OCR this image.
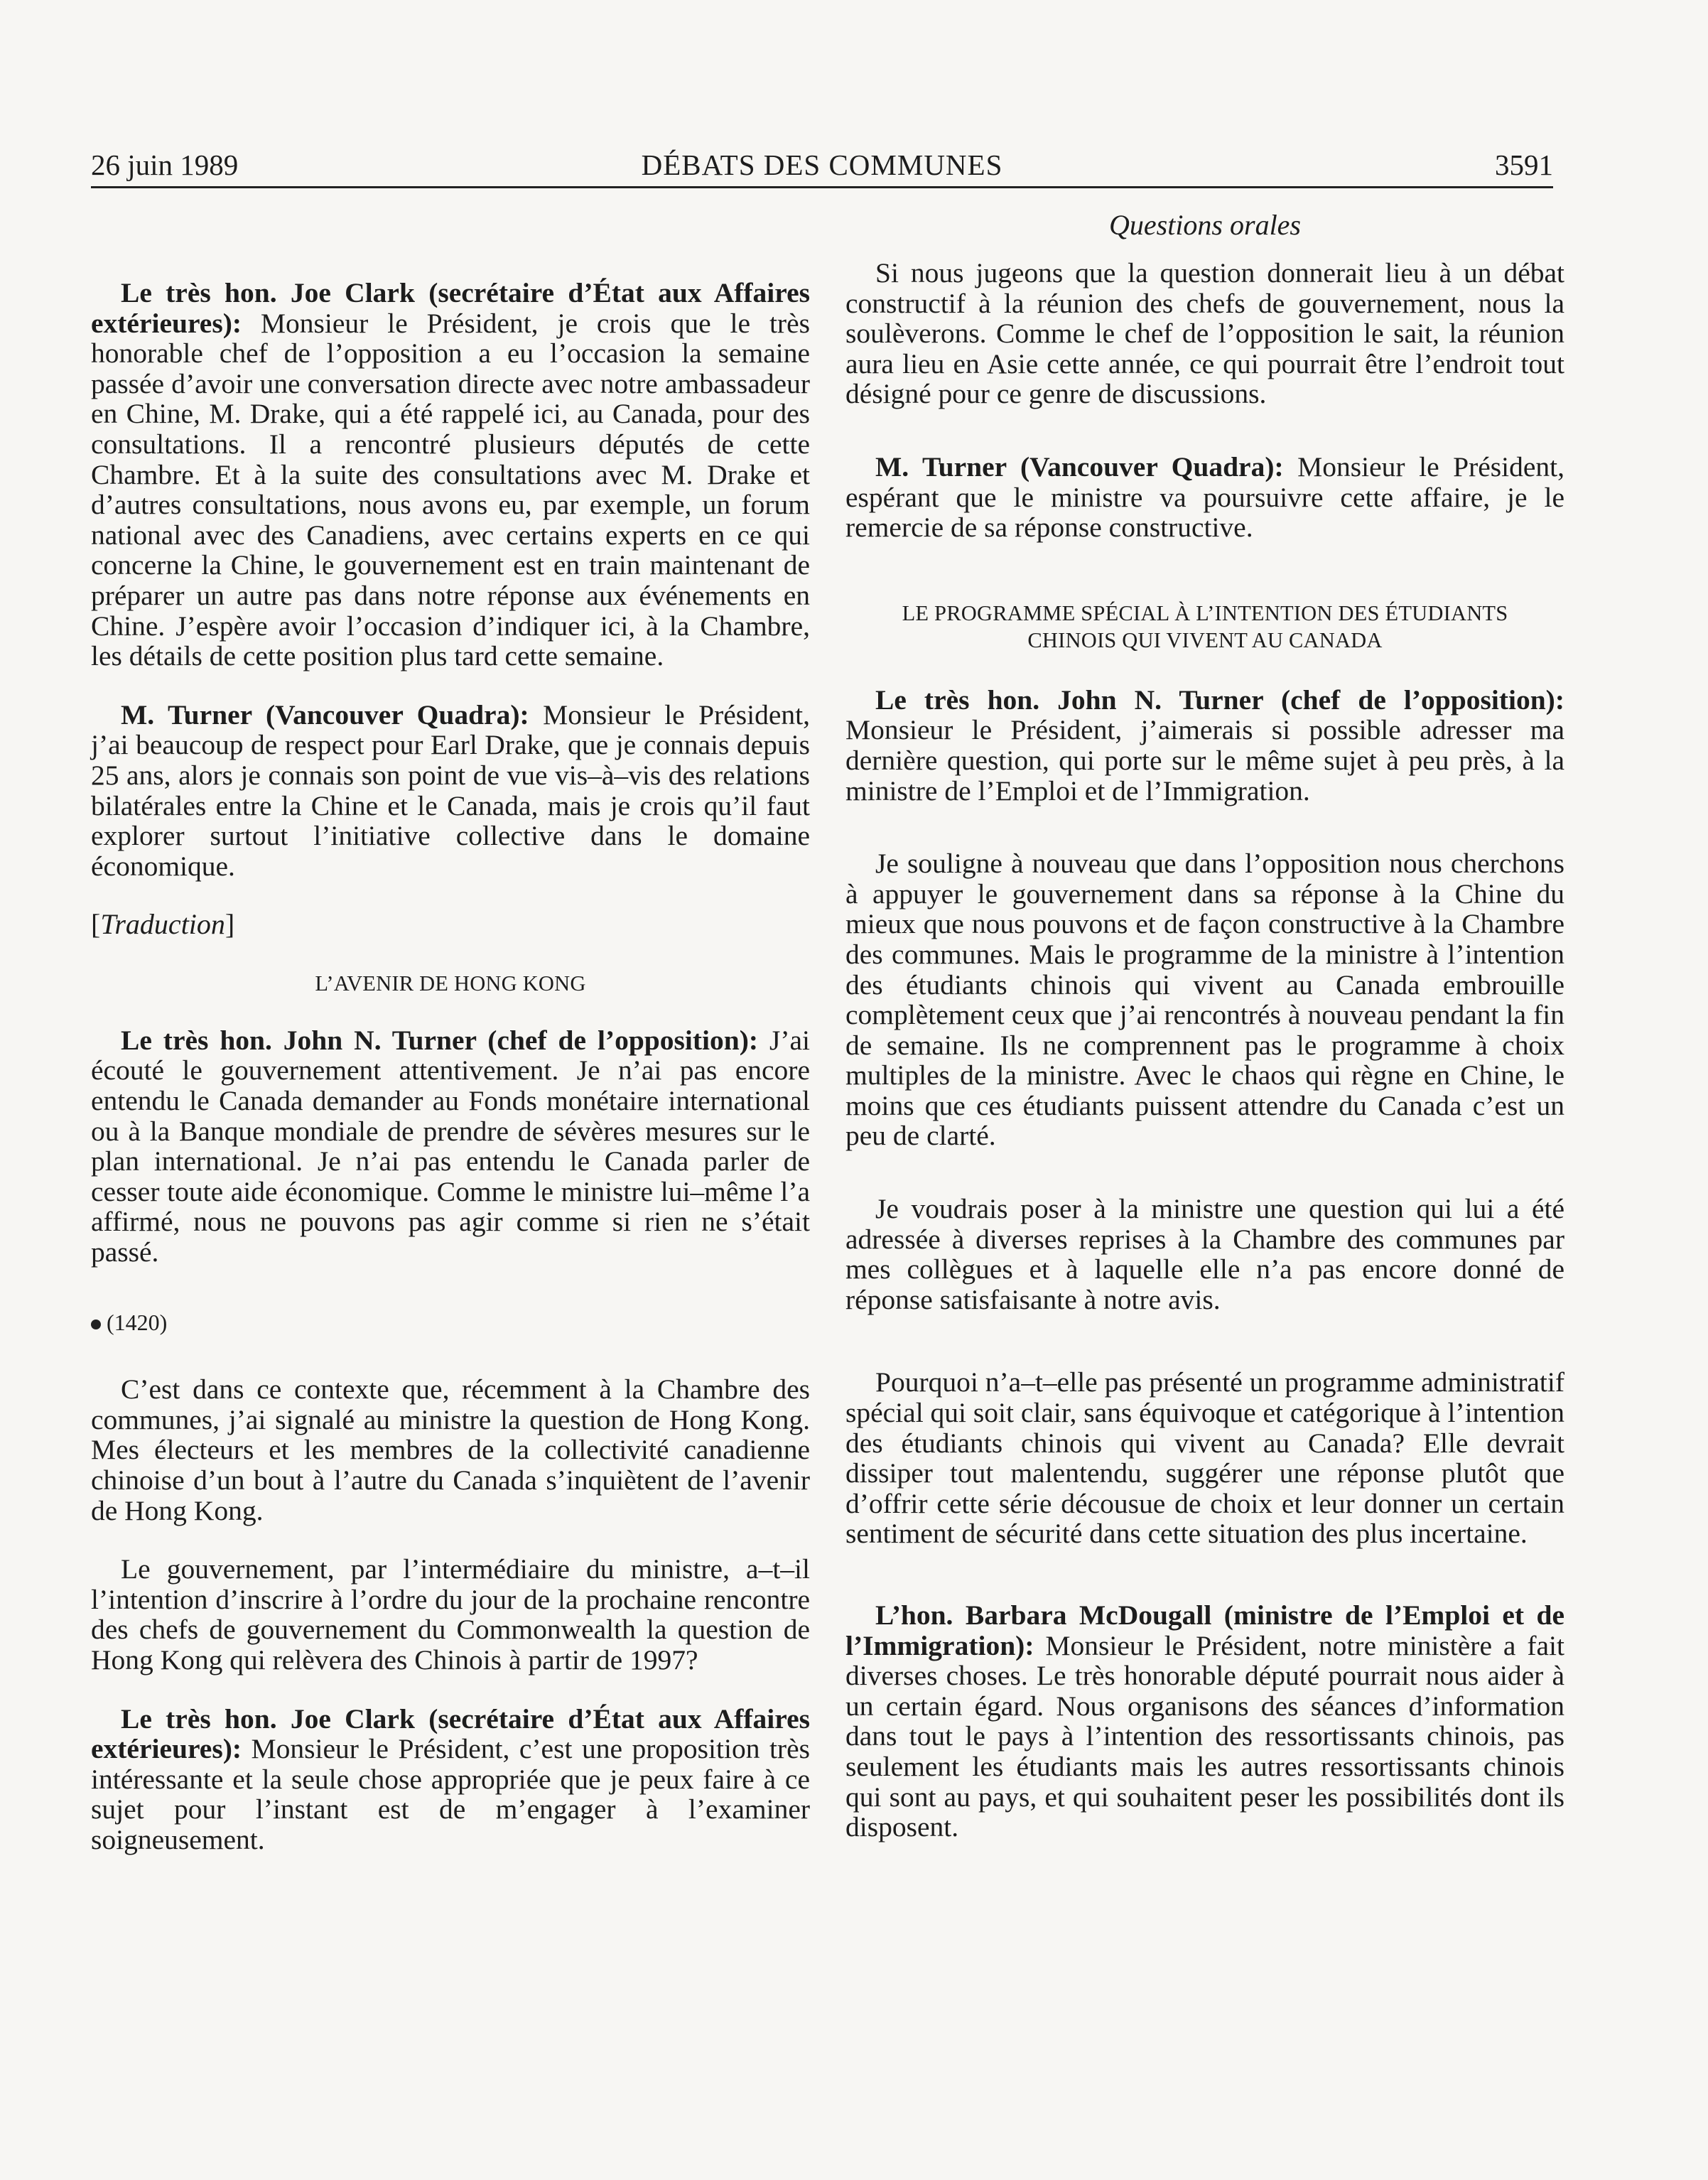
26 juin 1989	DÉBATS DES COMMUNES	3591

Le très hon. Joe Clark (secrétaire d’État aux Affaires extérieures): Monsieur le Président, je crois que le très honorable chef de l’opposition a eu l’occasion la semaine passée d’avoir une conversation directe avec notre ambassadeur en Chine, M. Drake, qui a été rappelé ici, au Canada, pour des consultations. Il a rencontré plusieurs députés de cette Chambre. Et à la suite des consultations avec M. Drake et d’autres consultations, nous avons eu, par exemple, un forum national avec des Canadiens, avec certains experts en ce qui concerne la Chine, le gouvernement est en train maintenant de préparer un autre pas dans notre réponse aux événements en Chine. J’espère avoir l’occasion d’indiquer ici, à la Chambre, les détails de cette position plus tard cette semaine.

M. Turner (Vancouver Quadra): Monsieur le Président, j’ai beaucoup de respect pour Earl Drake, que je connais depuis 25 ans, alors je connais son point de vue vis–à–vis des relations bilatérales entre la Chine et le Canada, mais je crois qu’il faut explorer surtout l’initiative collective dans le domaine économique.

[Traduction]

L’AVENIR DE HONG KONG

Le très hon. John N. Turner (chef de l’opposition): J’ai écouté le gouvernement attentivement. Je n’ai pas encore entendu le Canada demander au Fonds monétaire international ou à la Banque mondiale de prendre de sévères mesures sur le plan international. Je n’ai pas entendu le Canada parler de cesser toute aide économique. Comme le ministre lui–même l’a affirmé, nous ne pouvons pas agir comme si rien ne s’était passé.

(1420)

C’est dans ce contexte que, récemment à la Chambre des communes, j’ai signalé au ministre la question de Hong Kong. Mes électeurs et les membres de la collectivité canadienne chinoise d’un bout à l’autre du Canada s’inquiètent de l’avenir de Hong Kong.

Le gouvernement, par l’intermédiaire du ministre, a–t–il l’intention d’inscrire à l’ordre du jour de la prochaine rencontre des chefs de gouvernement du Commonwealth la question de Hong Kong qui relèvera des Chinois à partir de 1997?

Le très hon. Joe Clark (secrétaire d’État aux Affaires extérieures): Monsieur le Président, c’est une proposition très intéressante et la seule chose appropriée que je peux faire à ce sujet pour l’instant est de m’engager à l’examiner soigneusement.

Questions orales

Si nous jugeons que la question donnerait lieu à un débat constructif à la réunion des chefs de gouvernement, nous la soulèverons. Comme le chef de l’opposition le sait, la réunion aura lieu en Asie cette année, ce qui pourrait être l’endroit tout désigné pour ce genre de discussions.

M. Turner (Vancouver Quadra): Monsieur le Président, espérant que le ministre va poursuivre cette affaire, je le remercie de sa réponse constructive.

LE PROGRAMME SPÉCIAL À L’INTENTION DES ÉTUDIANTS
CHINOIS QUI VIVENT AU CANADA

Le très hon. John N. Turner (chef de l’opposition): Monsieur le Président, j’aimerais si possible adresser ma dernière question, qui porte sur le même sujet à peu près, à la ministre de l’Emploi et de l’Immigration.

Je souligne à nouveau que dans l’opposition nous cherchons à appuyer le gouvernement dans sa réponse à la Chine du mieux que nous pouvons et de façon constructive à la Chambre des communes. Mais le programme de la ministre à l’intention des étudiants chinois qui vivent au Canada embrouille complètement ceux que j’ai rencontrés à nouveau pendant la fin de semaine. Ils ne comprennent pas le programme à choix multiples de la ministre. Avec le chaos qui règne en Chine, le moins que ces étudiants puissent attendre du Canada c’est un peu de clarté.

Je voudrais poser à la ministre une question qui lui a été adressée à diverses reprises à la Chambre des communes par mes collègues et à laquelle elle n’a pas encore donné de réponse satisfaisante à notre avis.

Pourquoi n’a–t–elle pas présenté un programme administratif spécial qui soit clair, sans équivoque et catégorique à l’intention des étudiants chinois qui vivent au Canada? Elle devrait dissiper tout malentendu, suggérer une réponse plutôt que d’offrir cette série décousue de choix et leur donner un certain sentiment de sécurité dans cette situation des plus incertaine.

L’hon. Barbara McDougall (ministre de l’Emploi et de l’Immigration): Monsieur le Président, notre ministère a fait diverses choses. Le très honorable député pourrait nous aider à un certain égard. Nous organisons des séances d’information dans tout le pays à l’intention des ressortissants chinois, pas seulement les étudiants mais les autres ressortissants chinois qui sont au pays, et qui souhaitent peser les possibilités dont ils disposent.
